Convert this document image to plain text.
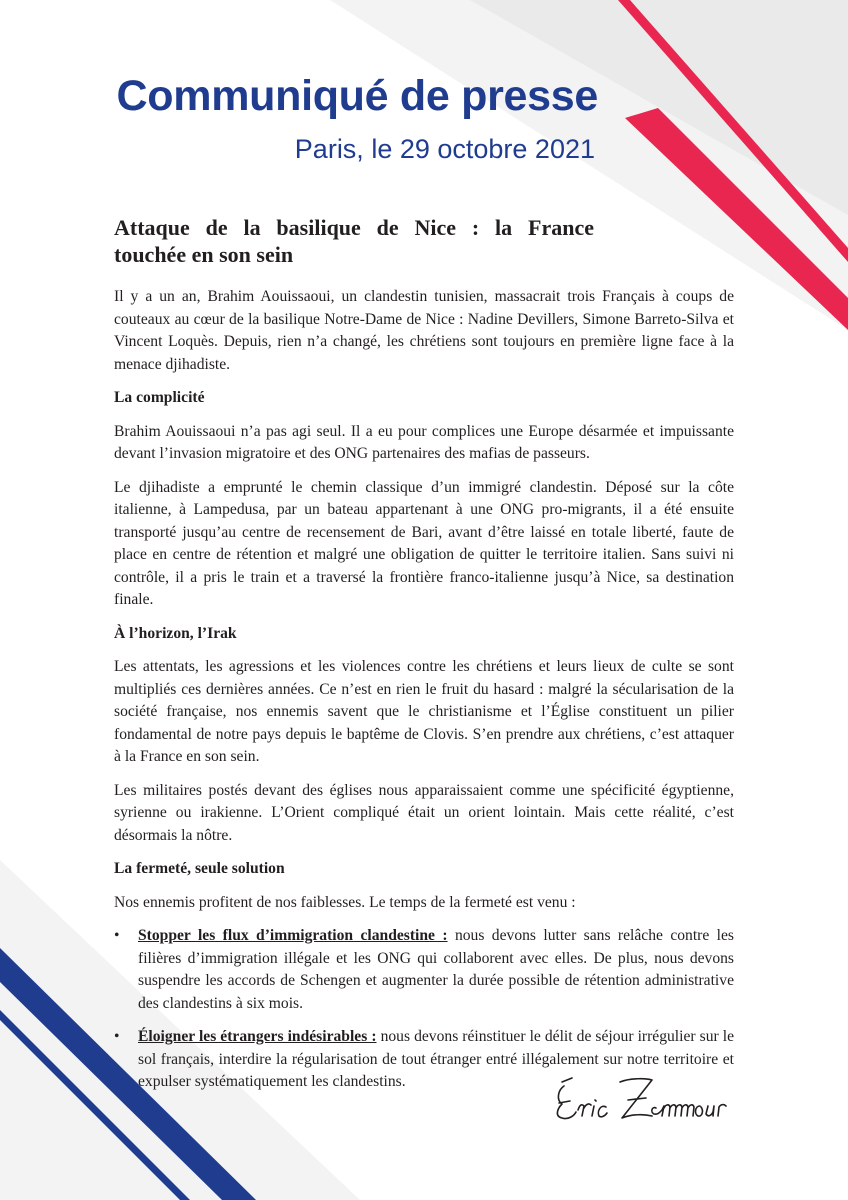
Communiqué de presse
Paris, le 29 octobre 2021
Attaque de la basilique de Nice : la France
touchée en son sein

Il y a un an, Brahim Aouissaoui, un clandestin tunisien, massacrait trois Français à coups de couteaux au cœur de la basilique Notre-Dame de Nice : Nadine Devillers, Simone Barreto-Silva et Vincent Loquès. Depuis, rien n’a changé, les chrétiens sont toujours en première ligne face à la menace djihadiste.

La complicité

Brahim Aouissaoui n’a pas agi seul. Il a eu pour complices une Europe désarmée et impuissante devant l’invasion migratoire et des ONG partenaires des mafias de passeurs.

Le djihadiste a emprunté le chemin classique d’un immigré clandestin. Déposé sur la côte italienne, à Lampedusa, par un bateau appartenant à une ONG pro-migrants, il a été ensuite transporté jusqu’au centre de recensement de Bari, avant d’être laissé en totale liberté, faute de place en centre de rétention et malgré une obligation de quitter le territoire italien. Sans suivi ni contrôle, il a pris le train et a traversé la frontière franco-italienne jusqu’à Nice, sa destination finale.

À l’horizon, l’Irak

Les attentats, les agressions et les violences contre les chrétiens et leurs lieux de culte se sont multipliés ces dernières années. Ce n’est en rien le fruit du hasard : malgré la sécularisation de la société française, nos ennemis savent que le christianisme et l’Église constituent un pilier fondamental de notre pays depuis le baptême de Clovis. S’en prendre aux chrétiens, c’est attaquer à la France en son sein.

Les militaires postés devant des églises nous apparaissaient comme une spécificité égyptienne, syrienne ou irakienne. L’Orient compliqué était un orient lointain. Mais cette réalité, c’est désormais la nôtre.

La fermeté, seule solution

Nos ennemis profitent de nos faiblesses. Le temps de la fermeté est venu :

• Stopper les flux d’immigration clandestine : nous devons lutter sans relâche contre les filières d’immigration illégale et les ONG qui collaborent avec elles. De plus, nous devons suspendre les accords de Schengen et augmenter la durée possible de rétention administrative des clandestins à six mois.
• Éloigner les étrangers indésirables : nous devons réinstituer le délit de séjour irrégulier sur le sol français, interdire la régularisation de tout étranger entré illégalement sur notre territoire et expulser systématiquement les clandestins.
